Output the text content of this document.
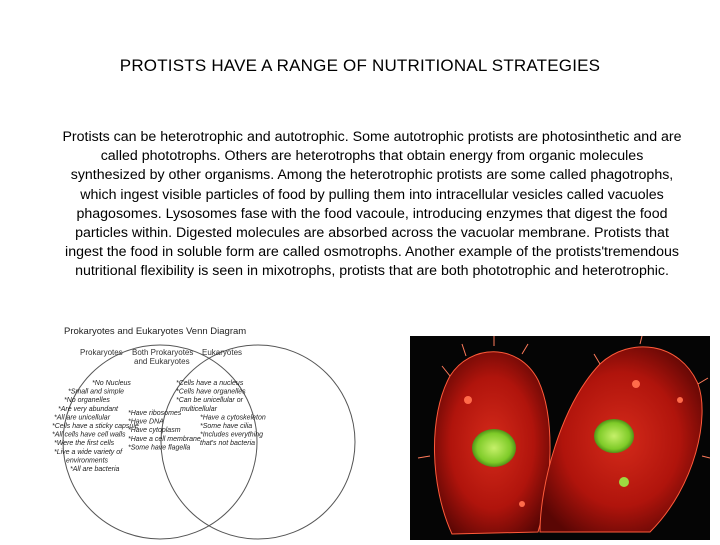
PROTISTS HAVE A RANGE OF NUTRITIONAL STRATEGIES
Protists can be heterotrophic and autotrophic. Some autotrophic protists are photosinthetic and are called phototrophs. Others are heterotrophs that obtain energy from organic molecules synthesized by other organisms. Among the heterotrophic protists are some called phagotrophs, which ingest visible particles of food by pulling them into intracellular vesicles called vacuoles phagosomes. Lysosomes fase with the food vacoule, introducing enzymes that digest the food particles within. Digested molecules are absorbed across the vacuolar membrane. Protists that ingest the food in soluble form are called osmotrophs. Another example of the protists'tremendous nutritional flexibility is seen in mixotrophs, protists that are both phototrophic and heterotrophic.
Prokaryotes and Eukaryotes Venn Diagram
Prokaryotes Both Prokaryotes
and Eukaryotes
Eukaryotes
*No Nucleus
*Small and simple
*No organelles
*Are very abundant
*All are unicellular
*Cells have a sticky capsule
*All cells have cell walls
*Were the first cells
*Live a wide variety of
environments
*All are bacteria
*Have ribosomes
*Have DNA
*Have cytoplasm
*Have a cell membrane
*Some have flagella
*Cells have a nucleus
*Cells have organelles
*Can be unicellular or
multicellular
*Have a cytoskeleton
*Some have cilia
*Includes everything
that's not bacteria
